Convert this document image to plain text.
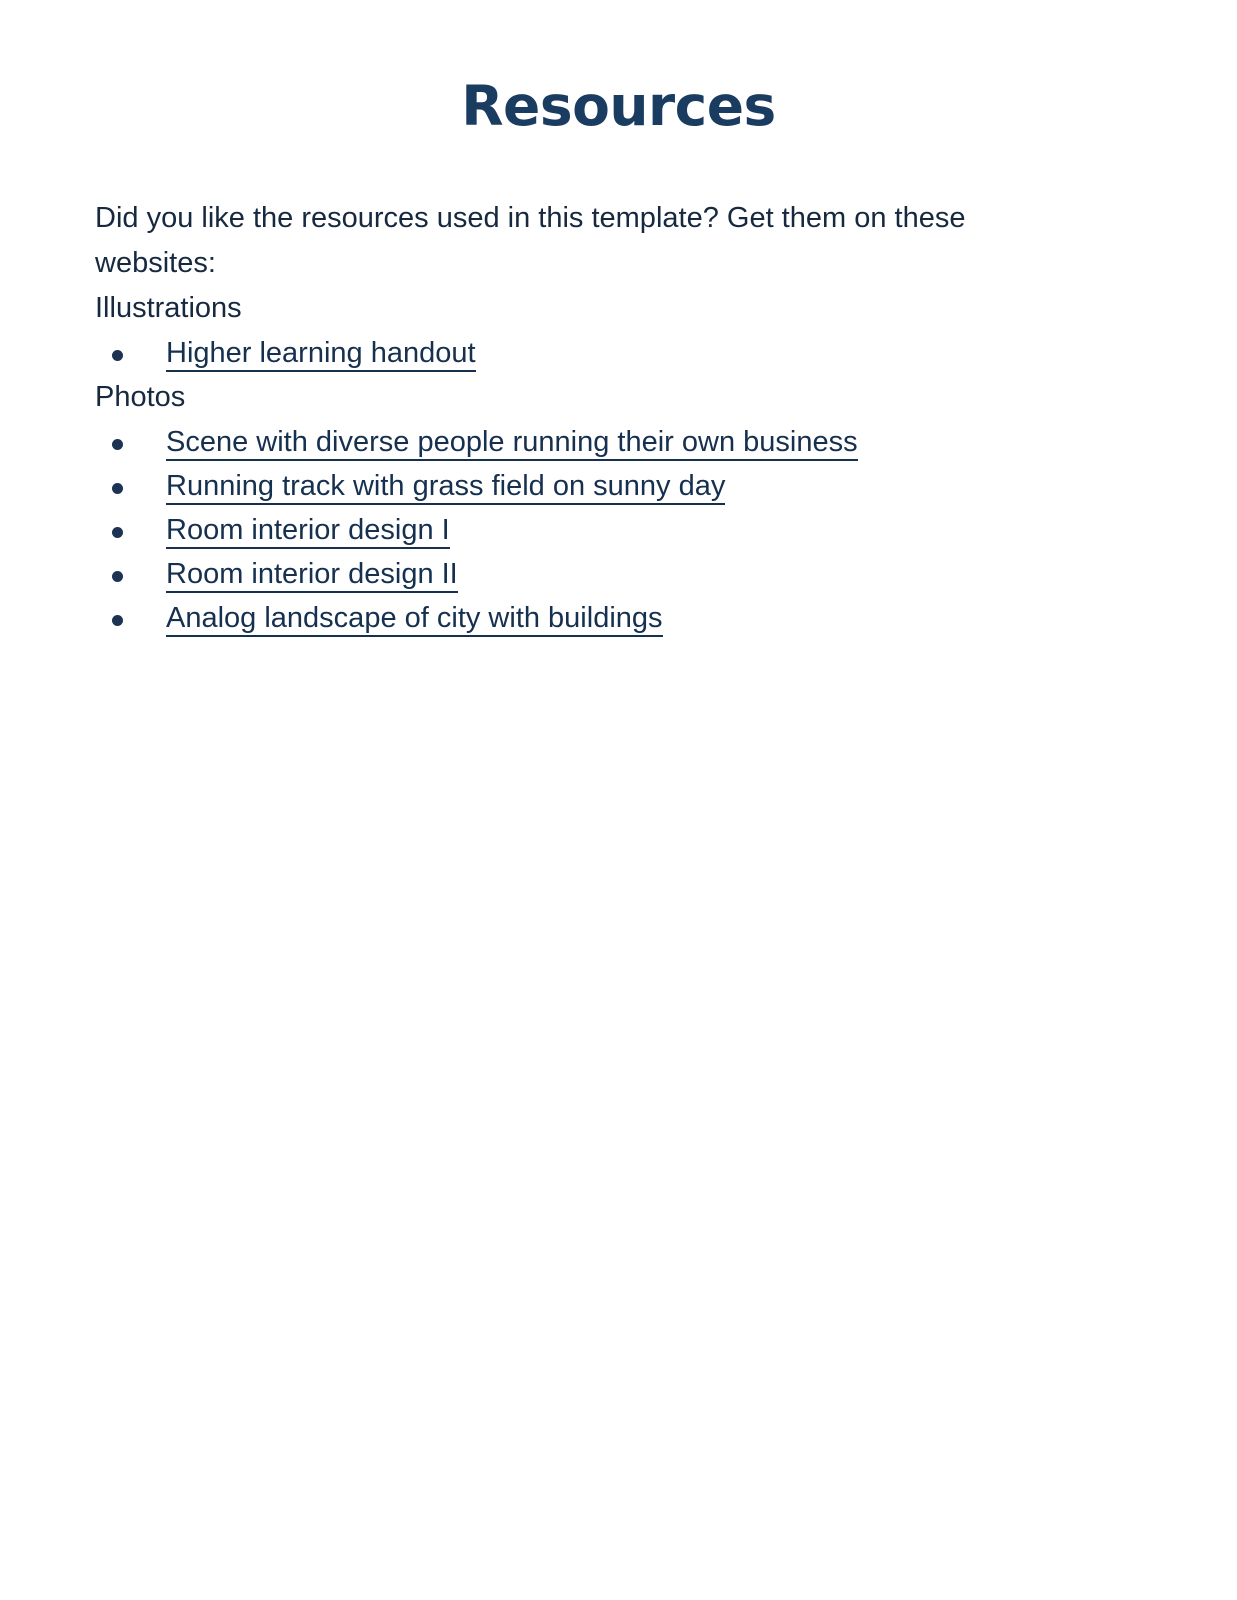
Resources

Did you like the resources used in this template? Get them on these websites:

Illustrations

Higher learning handout

Photos

Scene with diverse people running their own business
Running track with grass field on sunny day
Room interior design I
Room interior design II
Analog landscape of city with buildings
